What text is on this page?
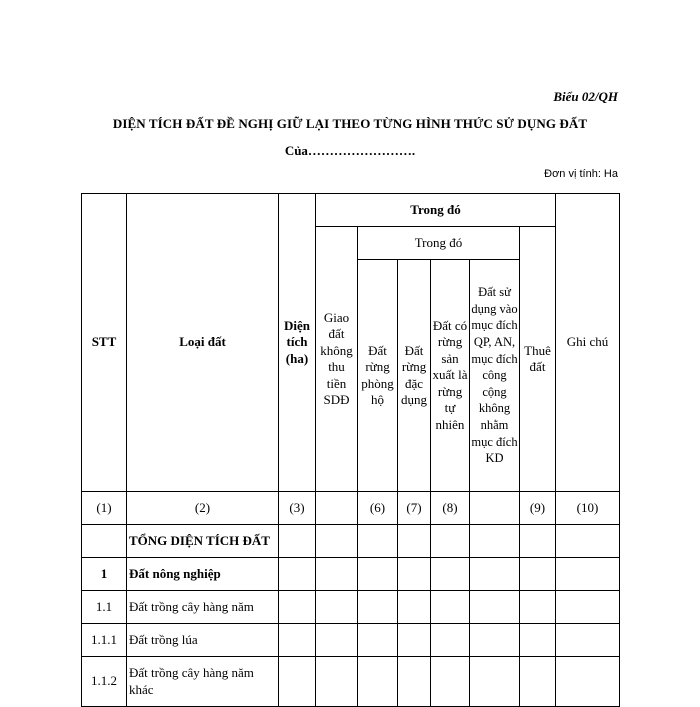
Biểu 02/QH
DIỆN TÍCH ĐẤT ĐỀ NGHỊ GIỮ LẠI THEO TỪNG HÌNH THỨC SỬ DỤNG ĐẤT
Của…………………….
Đơn vị tính: Ha
STT	Loại đất	Diện tích (ha)	Trong đó						Ghi chú
			Giao đất không thu tiền SDĐ	Trong đó				Thuê đất	
				Đất rừng phòng hộ	Đất rừng đặc dụng	Đất có rừng sản xuất là rừng tự nhiên	Đất sử dụng vào mục đích QP, AN, mục đích công cộng không nhằm mục đích KD		
(1)	(2)	(3)		(6)	(7)	(8)		(9)	(10)
	TỔNG DIỆN TÍCH ĐẤT								
1	Đất nông nghiệp								
1.1	Đất trồng cây hàng năm								
1.1.1	Đất trồng lúa								
1.1.2	Đất trồng cây hàng năm khác								
